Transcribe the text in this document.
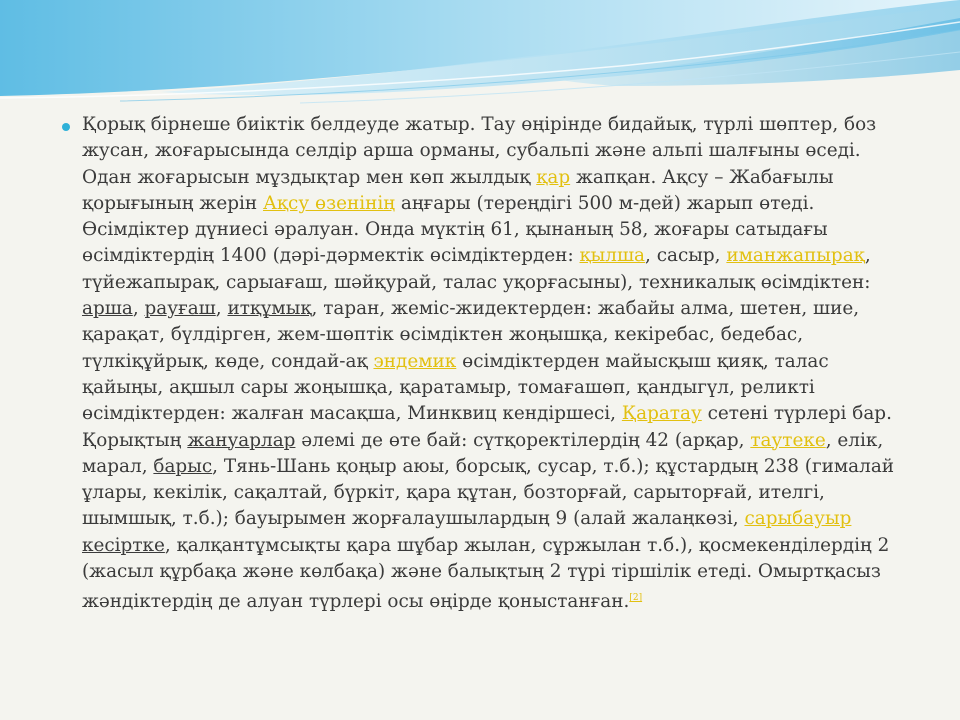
Қорық бірнеше биіктік белдеуде жатыр. Тау өңірінде бидайық, түрлі шөптер, боз жусан, жоғарысында селдір арша орманы, субальпі және альпі шалғыны өседі. Одан жоғарысын мұздықтар мен көп жылдық қар жапқан. Ақсу – Жабағылы қорығының жерін Ақсу өзенінің аңғары (тереңдігі 500 м-дей) жарып өтеді. Өсімдіктер дүниесі әралуан. Онда мүктің 61, қынаның 58, жоғары сатыдағы өсімдіктердің 1400 (дәрі-дәрмектік өсімдіктерден: қылша, сасыр, иманжапырақ, түйежапырақ, сарыағаш, шәйқурай, талас уқорғасыны), техникалық өсімдіктен: арша, рауғаш, итқұмық, таран, жеміс-жидектерден: жабайы алма, шетен, шие, қарақат, бүлдірген, жем-шөптік өсімдіктен жоңышқа, кекіребас, бедебас, түлкіқұйрық, көде, сондай-ақ эндемик өсімдіктерден майысқыш қияқ, талас қайыңы, ақшыл сары жоңышқа, қаратамыр, томағашөп, қандыгүл, реликті өсімдіктерден: жалған масақша, Минквиц кендіршесі, Қаратау сетені түрлері бар. Қорықтың жануарлар әлемі де өте бай: сүтқоректілердің 42 (арқар, таутеке, елік, марал, барыс, Тянь-Шань қоңыр аюы, борсық, сусар, т.б.); құстардың 238 (гималай ұлары, кекілік, сақалтай, бүркіт, қара құтан, бозторғай, сарыторғай, ителгі, шымшық, т.б.); бауырымен жорғалаушылардың 9 (алай жалаңкөзі, сарыбауыр кесіртке, қалқантұмсықты қара шұбар жылан, сұржылан т.б.), қосмекенділердің 2 (жасыл құрбақа және көлбақа) және балықтың 2 түрі тіршілік етеді. Омыртқасыз жәндіктердің де алуан түрлері осы өңірде қоныстанған.[2]
